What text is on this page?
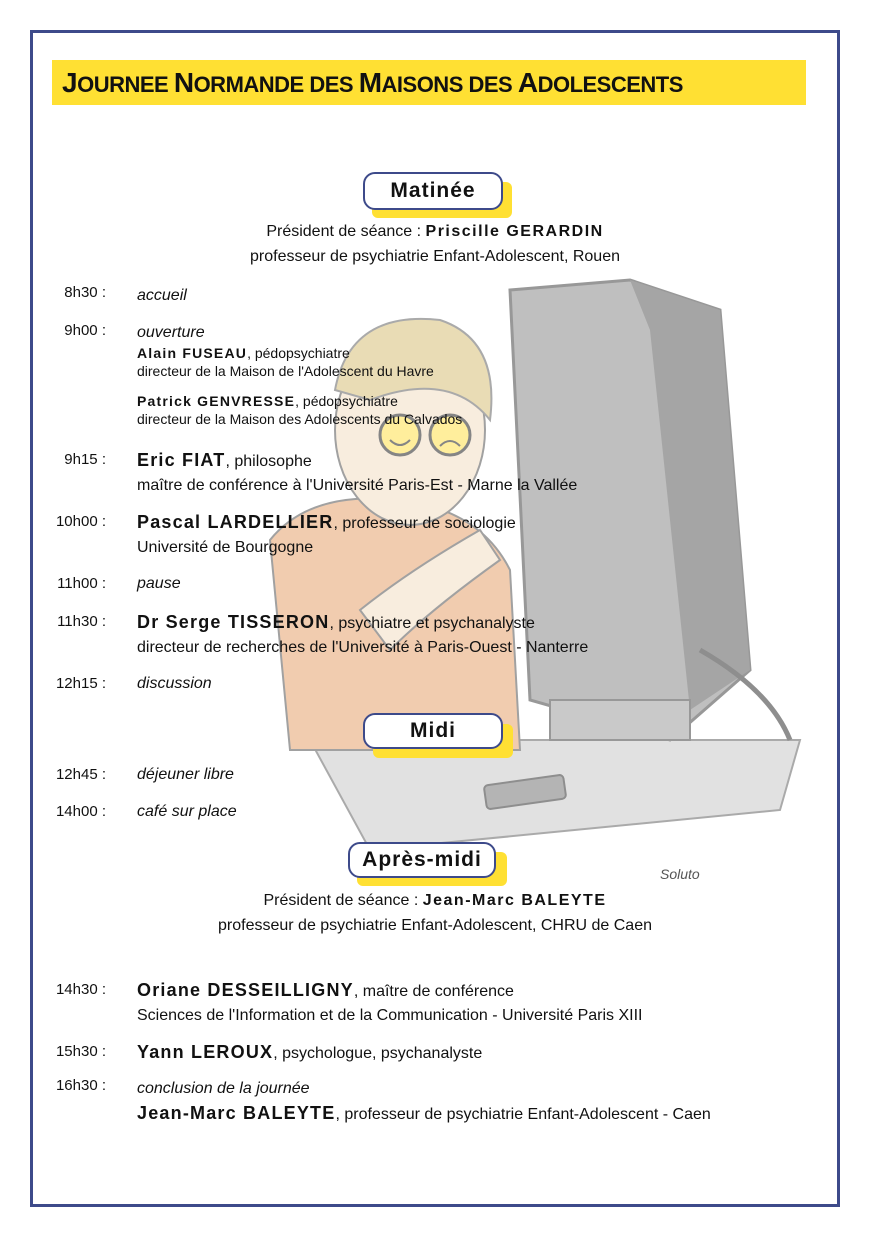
JOURNEE NORMANDE DES MAISONS DES ADOLESCENTS
Soluto
Matinée
Président de séance : Priscille GERARDIN
professeur de psychiatrie Enfant-Adolescent, Rouen
8h30 : accueil
9h00 : ouverture
Alain FUSEAU, pédopsychiatre
directeur de la Maison de l'Adolescent du Havre
Patrick GENVRESSE, pédopsychiatre
directeur de la Maison des Adolescents du Calvados
9h15 : Eric FIAT, philosophe
maître de conférence à l'Université Paris-Est - Marne la Vallée
10h00 : Pascal LARDELLIER, professeur de sociologie
Université de Bourgogne
11h00 : pause
11h30 : Dr Serge TISSERON, psychiatre et psychanalyste
directeur de recherches de l'Université à Paris-Ouest - Nanterre
12h15 : discussion
Midi
12h45 : déjeuner libre
14h00 : café sur place
Après-midi
Président de séance : Jean-Marc BALEYTE
professeur de psychiatrie Enfant-Adolescent, CHRU de Caen
14h30 : Oriane DESSEILLIGNY, maître de conférence
Sciences de l'Information et de la Communication - Université Paris XIII
15h30 : Yann LEROUX, psychologue, psychanalyste
16h30 : conclusion de la journée
Jean-Marc BALEYTE, professeur de psychiatrie Enfant-Adolescent - Caen
